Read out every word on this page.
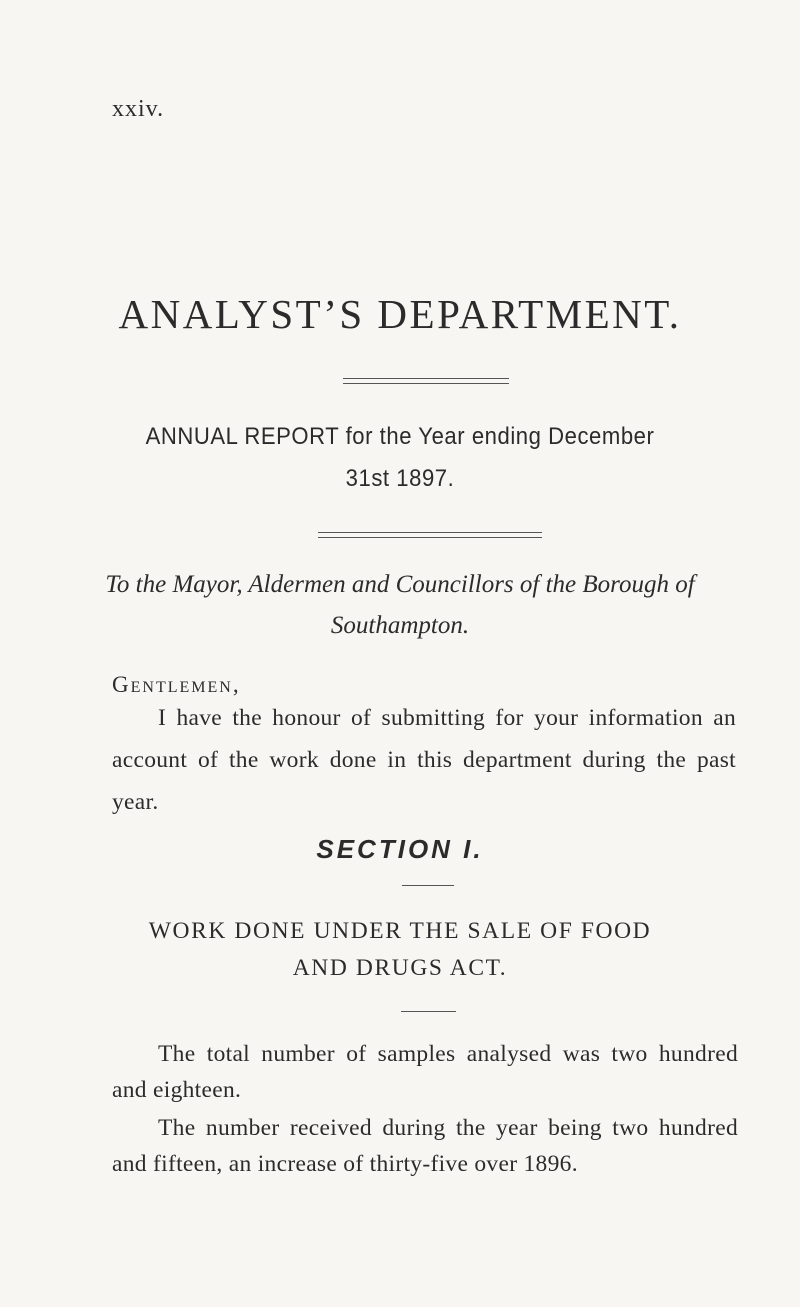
xxiv.
ANALYST’S DEPARTMENT.
ANNUAL REPORT for the Year ending December
31st 1897.
To the Mayor, Aldermen and Councillors of the Borough of
Southampton.
Gentlemen,
I have the honour of submitting for your information an
account of the work done in this department during the past
year.
SECTION I.
WORK DONE UNDER THE SALE OF FOOD
AND DRUGS ACT.
The total number of samples analysed was two hundred
and eighteen.
The number received during the year being two hundred
and fifteen, an increase of thirty-five over 1896.
